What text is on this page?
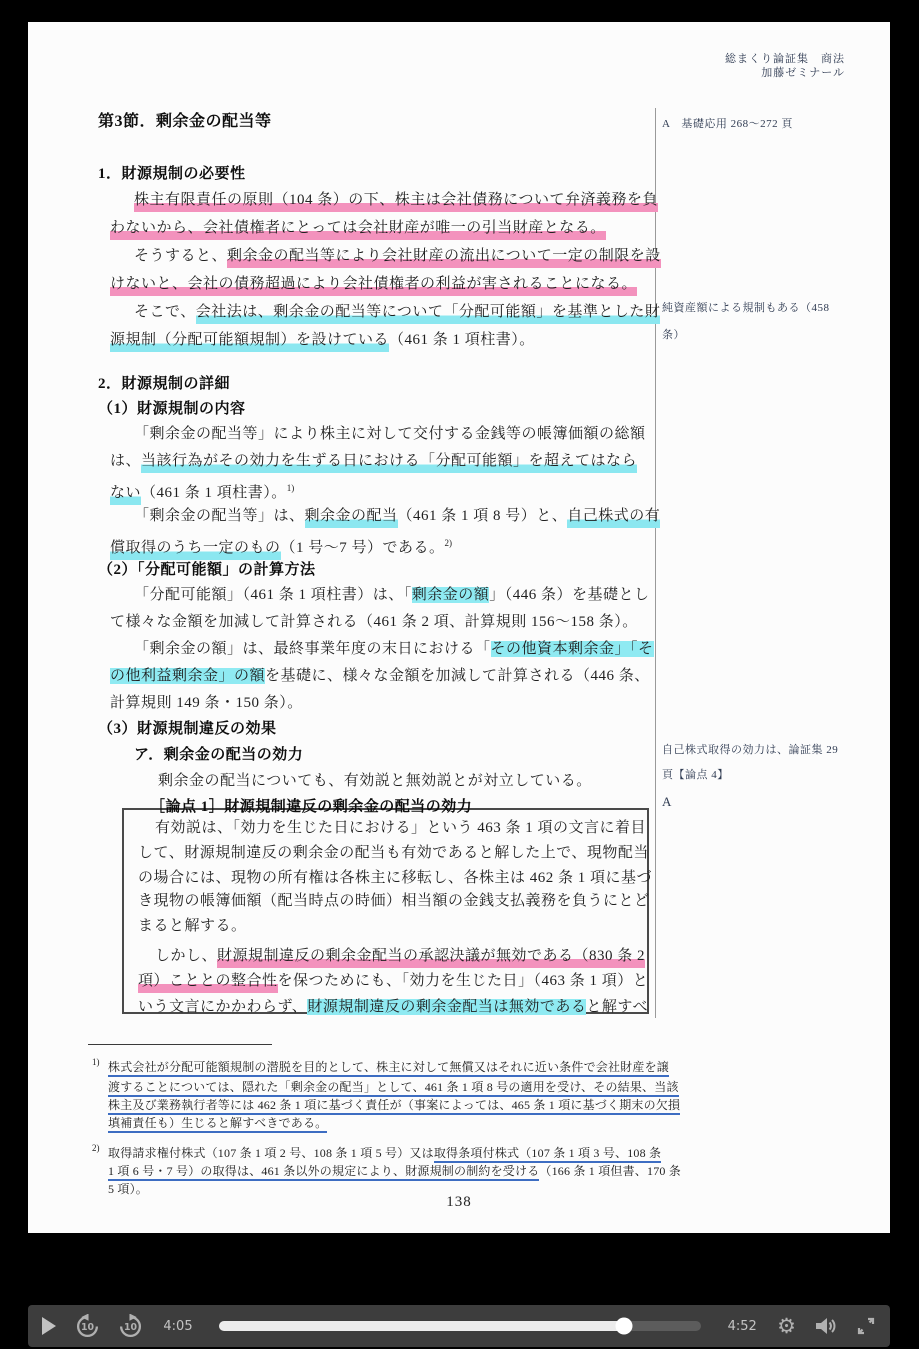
総まくり論証集　商法
加藤ゼミナール
第3節．剰余金の配当等
1．財源規制の必要性
株主有限責任の原則（104 条）の下、株主は会社債務について弁済義務を負
わないから、会社債権者にとっては会社財産が唯一の引当財産となる。
そうすると、剰余金の配当等により会社財産の流出について一定の制限を設
けないと、会社の債務超過により会社債権者の利益が害されることになる。
そこで、会社法は、剰余金の配当等について「分配可能額」を基準とした財
源規制（分配可能額規制）を設けている（461 条 1 項柱書）。
2．財源規制の詳細
（1）財源規制の内容
「剰余金の配当等」により株主に対して交付する金銭等の帳簿価額の総額
は、当該行為がその効力を生ずる日における「分配可能額」を超えてはなら
ない（461 条 1 項柱書）。$^{1)}$
「剰余金の配当等」は、剰余金の配当（461 条 1 項 8 号）と、自己株式の有
償取得のうち一定のもの（1 号～7 号）である。$^{2)}$
（2）「分配可能額」の計算方法
「分配可能額」（461 条 1 項柱書）は、「剰余金の額」（446 条）を基礎とし
て様々な金額を加減して計算される（461 条 2 項、計算規則 156～158 条）。
「剰余金の額」は、最終事業年度の末日における「その他資本剰余金」「そ
の他利益剰余金」の額を基礎に、様々な金額を加減して計算される（446 条、
計算規則 149 条・150 条）。
（3）財源規制違反の効果
ア．剰余金の配当の効力
剰余金の配当についても、有効説と無効説とが対立している。
［論点 1］財源規制違反の剰余金の配当の効力
有効説は、「効力を生じた日における」という 463 条 1 項の文言に着目
して、財源規制違反の剰余金の配当も有効であると解した上で、現物配当
の場合には、現物の所有権は各株主に移転し、各株主は 462 条 1 項に基づ
き現物の帳簿価額（配当時点の時価）相当額の金銭支払義務を負うにとど
まると解する。
しかし、財源規制違反の剰余金配当の承認決議が無効である（830 条 2
項）こととの整合性を保つためにも、「効力を生じた日」（463 条 1 項）と
いう文言にかかわらず、財源規制違反の剰余金配当は無効であると解すべ
A　基礎応用 268～272 頁
純資産額による規制もある（458
条）
自己株式取得の効力は、論証集 29
頁【論点 4】
A
$^{1)}$ 株式会社が分配可能額規制の潜脱を目的として、株主に対して無償又はそれに近い条件で会社財産を譲
渡することについては、隠れた「剰余金の配当」として、461 条 1 項 8 号の適用を受け、その結果、当該
株主及び業務執行者等には 462 条 1 項に基づく責任が（事案によっては、465 条 1 項に基づく期末の欠損
填補責任も）生じると解すべきである。
$^{2)}$ 取得請求権付株式（107 条 1 項 2 号、108 条 1 項 5 号）又は取得条項付株式（107 条 1 項 3 号、108 条
1 項 6 号・7 号）の取得は、461 条以外の規定により、財源規制の制約を受ける（166 条 1 項但書、170 条
5 項）。
138
10	10 4:05	4:52 ⚙
